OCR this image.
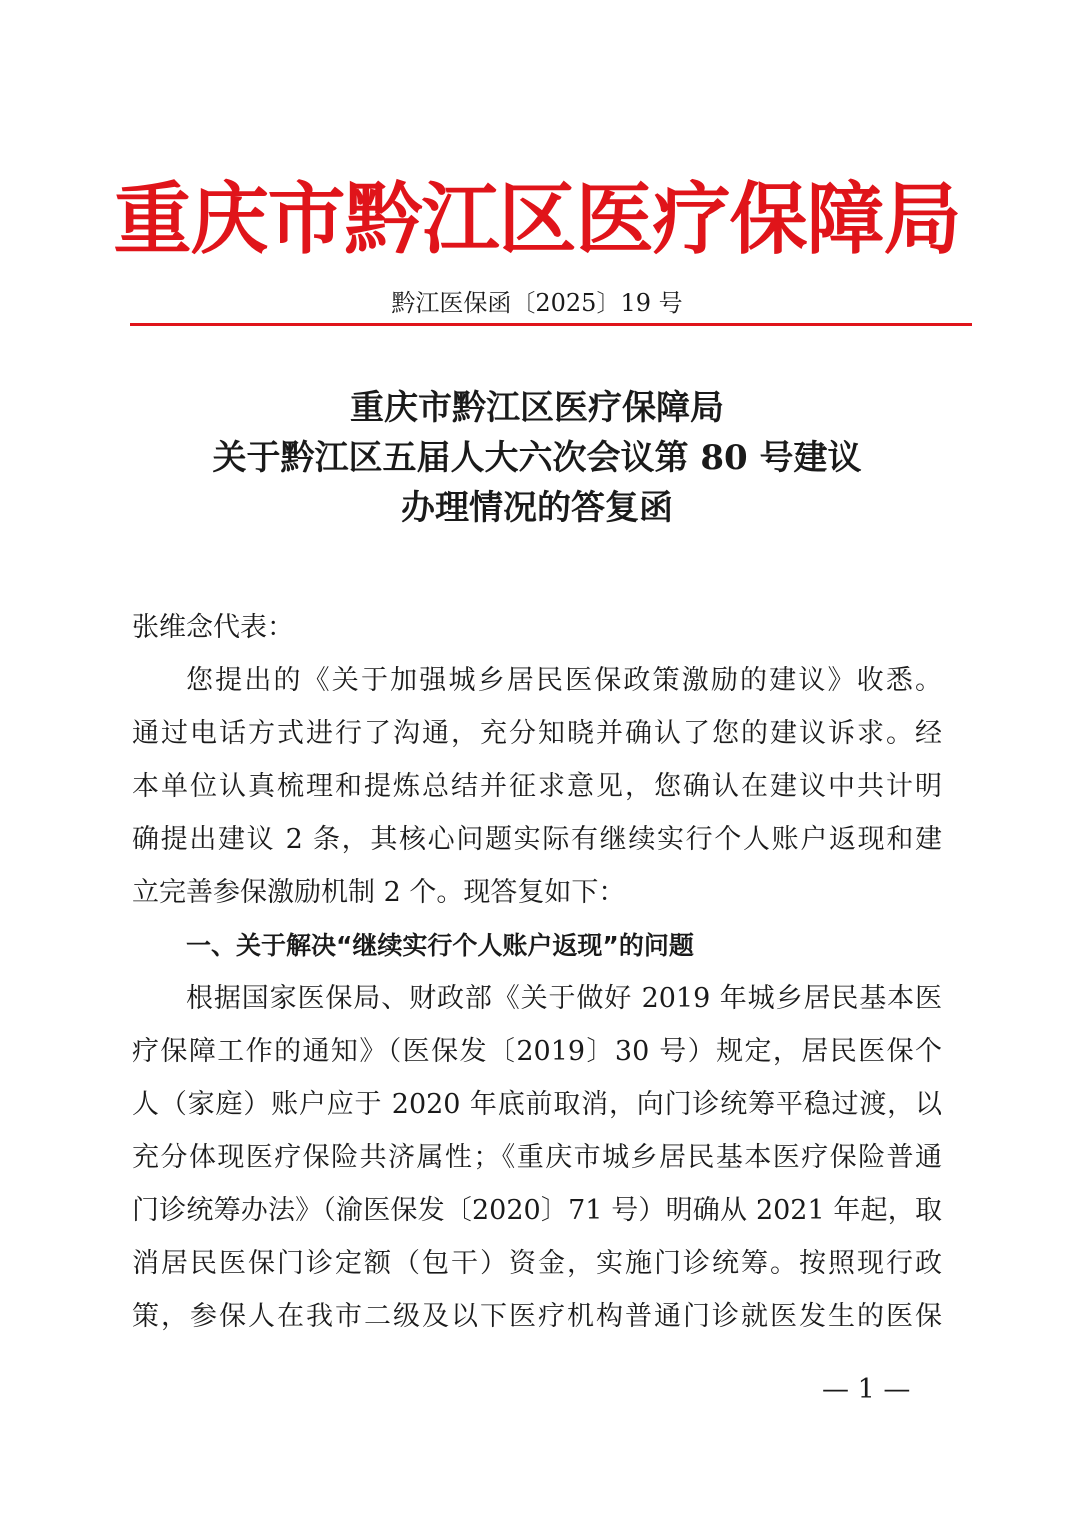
重庆市黔江区医疗保障局
黔江医保函〔2025〕19 号
重庆市黔江区医疗保障局
关于黔江区五届人大六次会议第 80 号建议
办理情况的答复函
张维念代表：
您提出的《关于加强城乡居民医保政策激励的建议》收悉。
通过电话方式进行了沟通，充分知晓并确认了您的建议诉求。经
本单位认真梳理和提炼总结并征求意见，您确认在建议中共计明
确提出建议 2 条，其核心问题实际有继续实行个人账户返现和建
立完善参保激励机制 2 个。现答复如下：
一、关于解决“继续实行个人账户返现”的问题
根据国家医保局、财政部《关于做好 2019 年城乡居民基本医
疗保障工作的通知》（医保发〔2019〕30 号）规定，居民医保个
人（家庭）账户应于 2020 年底前取消，向门诊统筹平稳过渡，以
充分体现医疗保险共济属性；《重庆市城乡居民基本医疗保险普通
门诊统筹办法》（渝医保发〔2020〕71 号）明确从 2021 年起，取
消居民医保门诊定额（包干）资金，实施门诊统筹。按照现行政
策，参保人在我市二级及以下医疗机构普通门诊就医发生的医保
— 1 —
